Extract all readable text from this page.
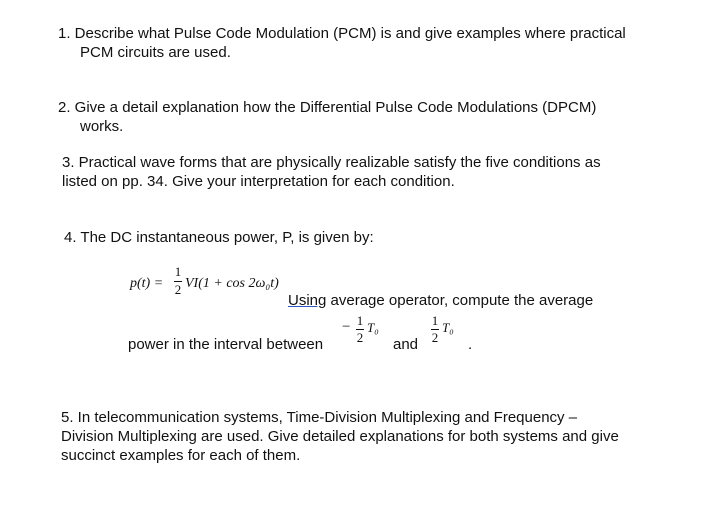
1. Describe what Pulse Code Modulation (PCM) is and give examples where practical
PCM circuits are used.
2. Give a detail explanation how the Differential Pulse Code Modulations (DPCM)
works.
3. Practical wave forms that are physically realizable satisfy the five conditions as
listed on pp. 34. Give your interpretation for each condition.
4. The DC instantaneous power, P, is given by:
p(t) =
1
2 VI(1 + cos 2ω₀t)
Using average operator, compute the average
power in the interval between
− 1
2
T₀
and
1
2
T₀
.
5. In telecommunication systems, Time-Division Multiplexing and Frequency –
Division Multiplexing are used. Give detailed explanations for both systems and give
succinct examples for each of them.
